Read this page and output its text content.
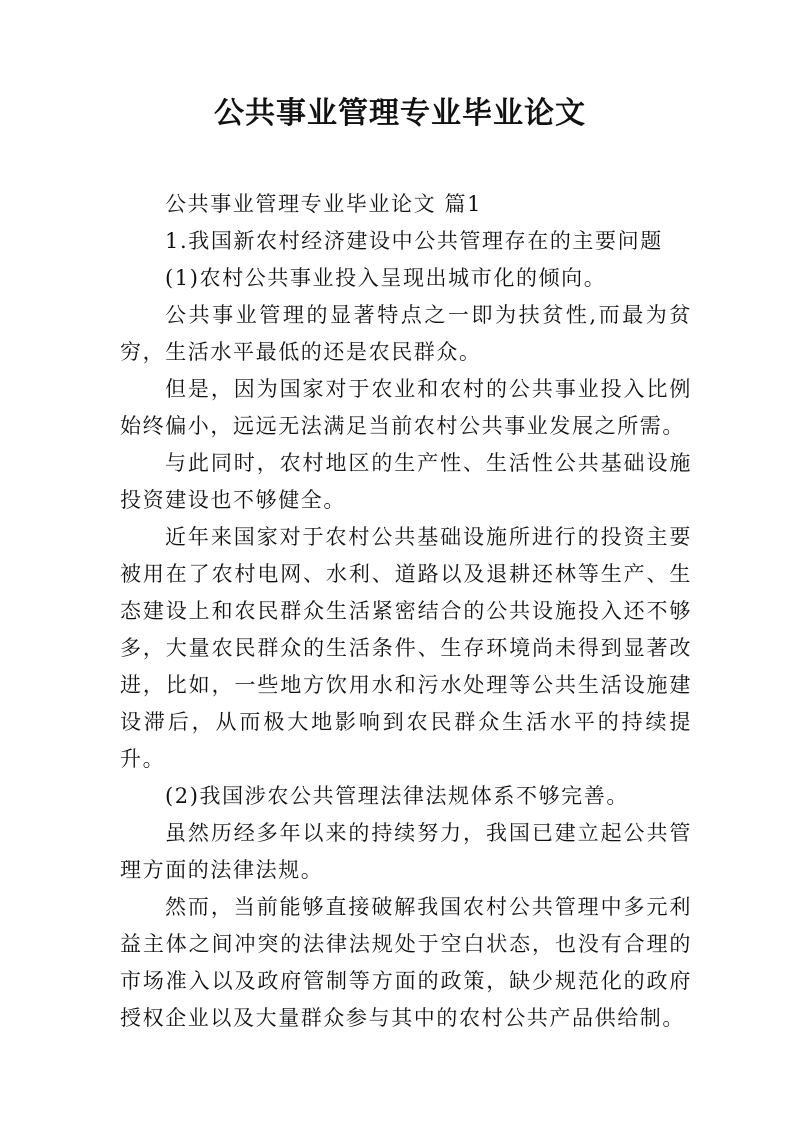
公共事业管理专业毕业论文

公共事业管理专业毕业论文 篇1

1.我国新农村经济建设中公共管理存在的主要问题

(1)农村公共事业投入呈现出城市化的倾向。

公共事业管理的显著特点之一即为扶贫性,而最为贫穷，生活水平最低的还是农民群众。

但是，因为国家对于农业和农村的公共事业投入比例始终偏小，远远无法满足当前农村公共事业发展之所需。

与此同时，农村地区的生产性、生活性公共基础设施投资建设也不够健全。

近年来国家对于农村公共基础设施所进行的投资主要被用在了农村电网、水利、道路以及退耕还林等生产、生态建设上和农民群众生活紧密结合的公共设施投入还不够多，大量农民群众的生活条件、生存环境尚未得到显著改进，比如，一些地方饮用水和污水处理等公共生活设施建设滞后，从而极大地影响到农民群众生活水平的持续提升。

(2)我国涉农公共管理法律法规体系不够完善。

虽然历经多年以来的持续努力，我国已建立起公共管理方面的法律法规。

然而，当前能够直接破解我国农村公共管理中多元利益主体之间冲突的法律法规处于空白状态，也没有合理的市场准入以及政府管制等方面的政策，缺少规范化的政府授权企业以及大量群众参与其中的农村公共产品供给制。
